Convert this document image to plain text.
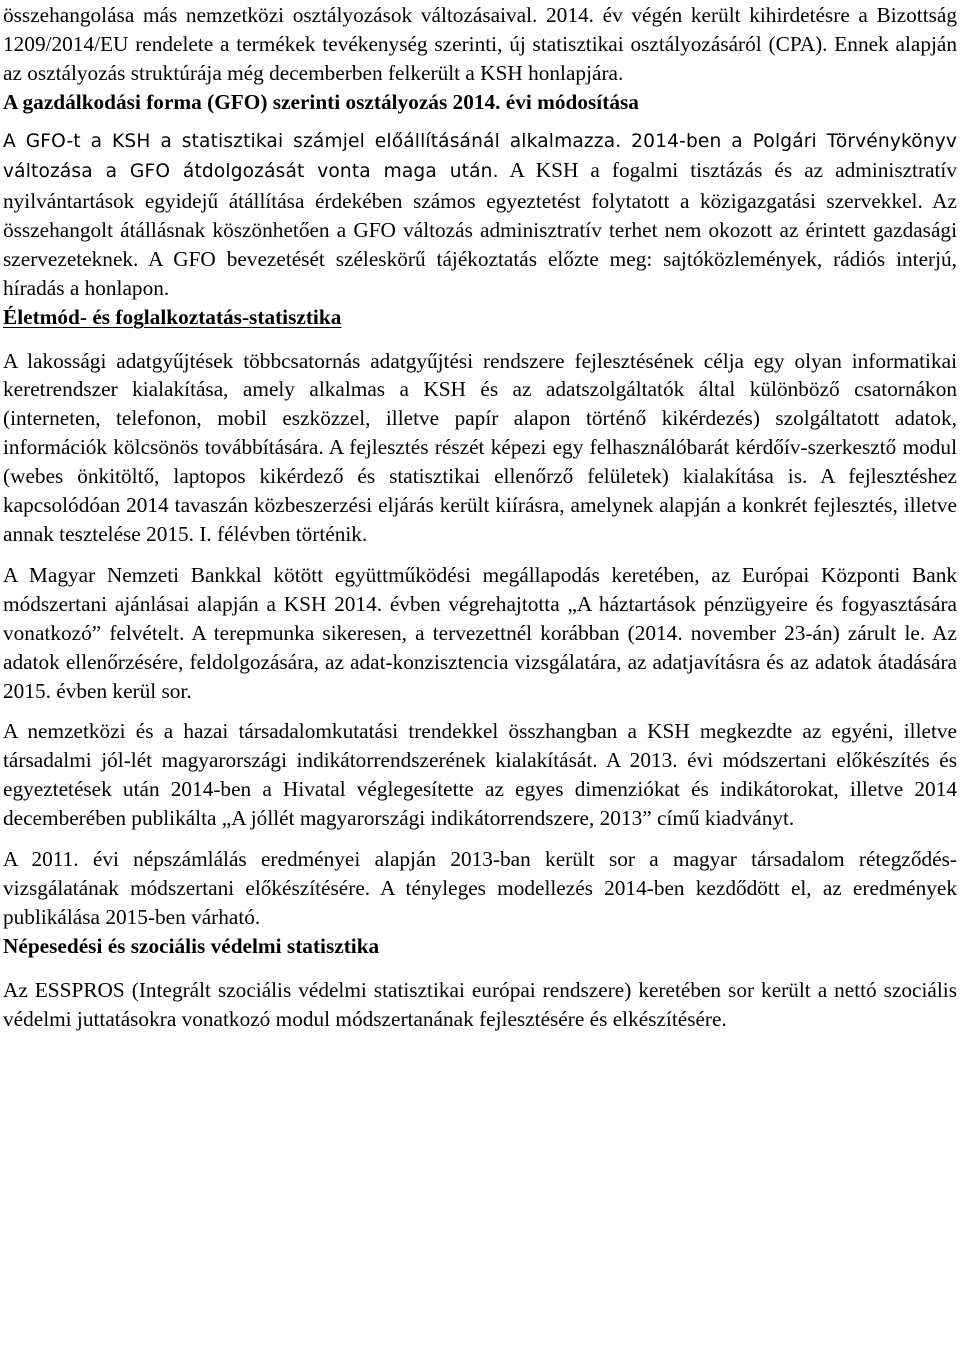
összehangolása más nemzetközi osztályozások változásaival. 2014. év végén került kihirdetésre a Bizottság 1209/2014/EU rendelete a termékek tevékenység szerinti, új statisztikai osztályozásáról (CPA). Ennek alapján az osztályozás struktúrája még decemberben felkerült a KSH honlapjára.

A gazdálkodási forma (GFO) szerinti osztályozás 2014. évi módosítása

A GFO-t a KSH a statisztikai számjel előállításánál alkalmazza. 2014-ben a Polgári Törvénykönyv változása a GFO átdolgozását vonta maga után. A KSH a fogalmi tisztázás és az adminisztratív nyilvántartások egyidejű átállítása érdekében számos egyeztetést folytatott a közigazgatási szervekkel. Az összehangolt átállásnak köszönhetően a GFO változás adminisztratív terhet nem okozott az érintett gazdasági szervezeteknek. A GFO bevezetését széleskörű tájékoztatás előzte meg: sajtóközlemények, rádiós interjú, híradás a honlapon.

Életmód- és foglalkoztatás-statisztika

A lakossági adatgyűjtések többcsatornás adatgyűjtési rendszere fejlesztésének célja egy olyan informatikai keretrendszer kialakítása, amely alkalmas a KSH és az adatszolgáltatók által különböző csatornákon (interneten, telefonon, mobil eszközzel, illetve papír alapon történő kikérdezés) szolgáltatott adatok, információk kölcsönös továbbítására. A fejlesztés részét képezi egy felhasználóbarát kérdőív-szerkesztő modul (webes önkitöltő, laptopos kikérdező és statisztikai ellenőrző felületek) kialakítása is. A fejlesztéshez kapcsolódóan 2014 tavaszán közbeszerzési eljárás került kiírásra, amelynek alapján a konkrét fejlesztés, illetve annak tesztelése 2015. I. félévben történik.

A Magyar Nemzeti Bankkal kötött együttműködési megállapodás keretében, az Európai Központi Bank módszertani ajánlásai alapján a KSH 2014. évben végrehajtotta „A háztartások pénzügyeire és fogyasztására vonatkozó” felvételt. A terepmunka sikeresen, a tervezettnél korábban (2014. november 23-án) zárult le. Az adatok ellenőrzésére, feldolgozására, az adat-konzisztencia vizsgálatára, az adatjavításra és az adatok átadására 2015. évben kerül sor.

A nemzetközi és a hazai társadalomkutatási trendekkel összhangban a KSH megkezdte az egyéni, illetve társadalmi jól-lét magyarországi indikátorrendszerének kialakítását. A 2013. évi módszertani előkészítés és egyeztetések után 2014-ben a Hivatal véglegesítette az egyes dimenziókat és indikátorokat, illetve 2014 decemberében publikálta „A jóllét magyarországi indikátorrendszere, 2013” című kiadványt.

A 2011. évi népszámlálás eredményei alapján 2013-ban került sor a magyar társadalom rétegződés-vizsgálatának módszertani előkészítésére. A tényleges modellezés 2014-ben kezdődött el, az eredmények publikálása 2015-ben várható.

Népesedési és szociális védelmi statisztika

Az ESSPROS (Integrált szociális védelmi statisztikai európai rendszere) keretében sor került a nettó szociális védelmi juttatásokra vonatkozó modul módszertanának fejlesztésére és elkészítésére.
